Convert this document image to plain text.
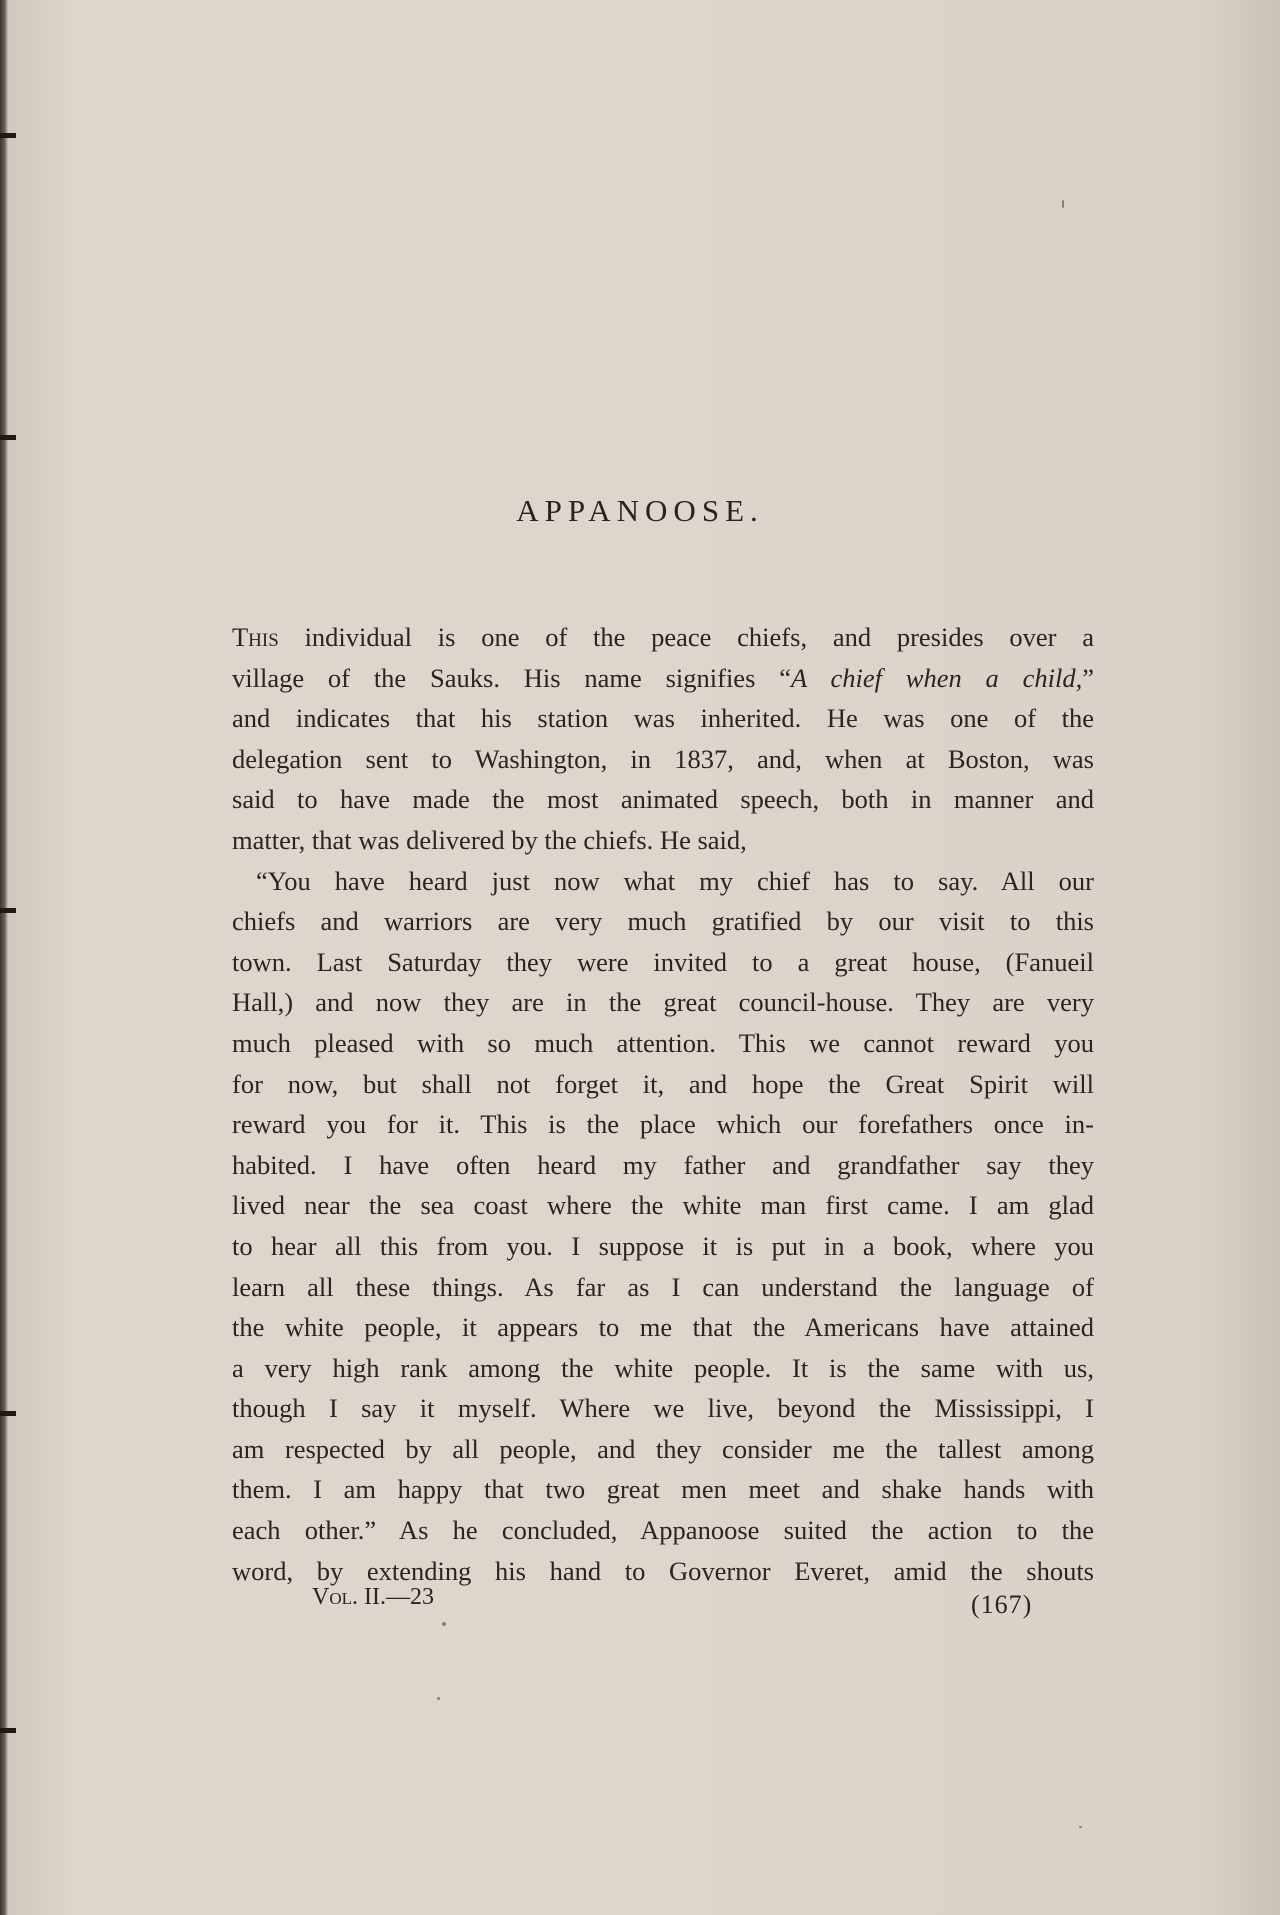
APPANOOSE.
This individual is one of the peace chiefs, and presides over a
village of the Sauks. His name signifies “A chief when a child,”
and indicates that his station was inherited. He was one of the
delegation sent to Washington, in 1837, and, when at Boston, was
said to have made the most animated speech, both in manner and
matter, that was delivered by the chiefs. He said,
“You have heard just now what my chief has to say. All our
chiefs and warriors are very much gratified by our visit to this
town. Last Saturday they were invited to a great house, (Fanueil
Hall,) and now they are in the great council-house. They are very
much pleased with so much attention. This we cannot reward you
for now, but shall not forget it, and hope the Great Spirit will
reward you for it. This is the place which our forefathers once in-
habited. I have often heard my father and grandfather say they
lived near the sea coast where the white man first came. I am glad
to hear all this from you. I suppose it is put in a book, where you
learn all these things. As far as I can understand the language of
the white people, it appears to me that the Americans have attained
a very high rank among the white people. It is the same with us,
though I say it myself. Where we live, beyond the Mississippi, I
am respected by all people, and they consider me the tallest among
them. I am happy that two great men meet and shake hands with
each other.” As he concluded, Appanoose suited the action to the
word, by extending his hand to Governor Everet, amid the shouts
Vol. II.—23	(167)
